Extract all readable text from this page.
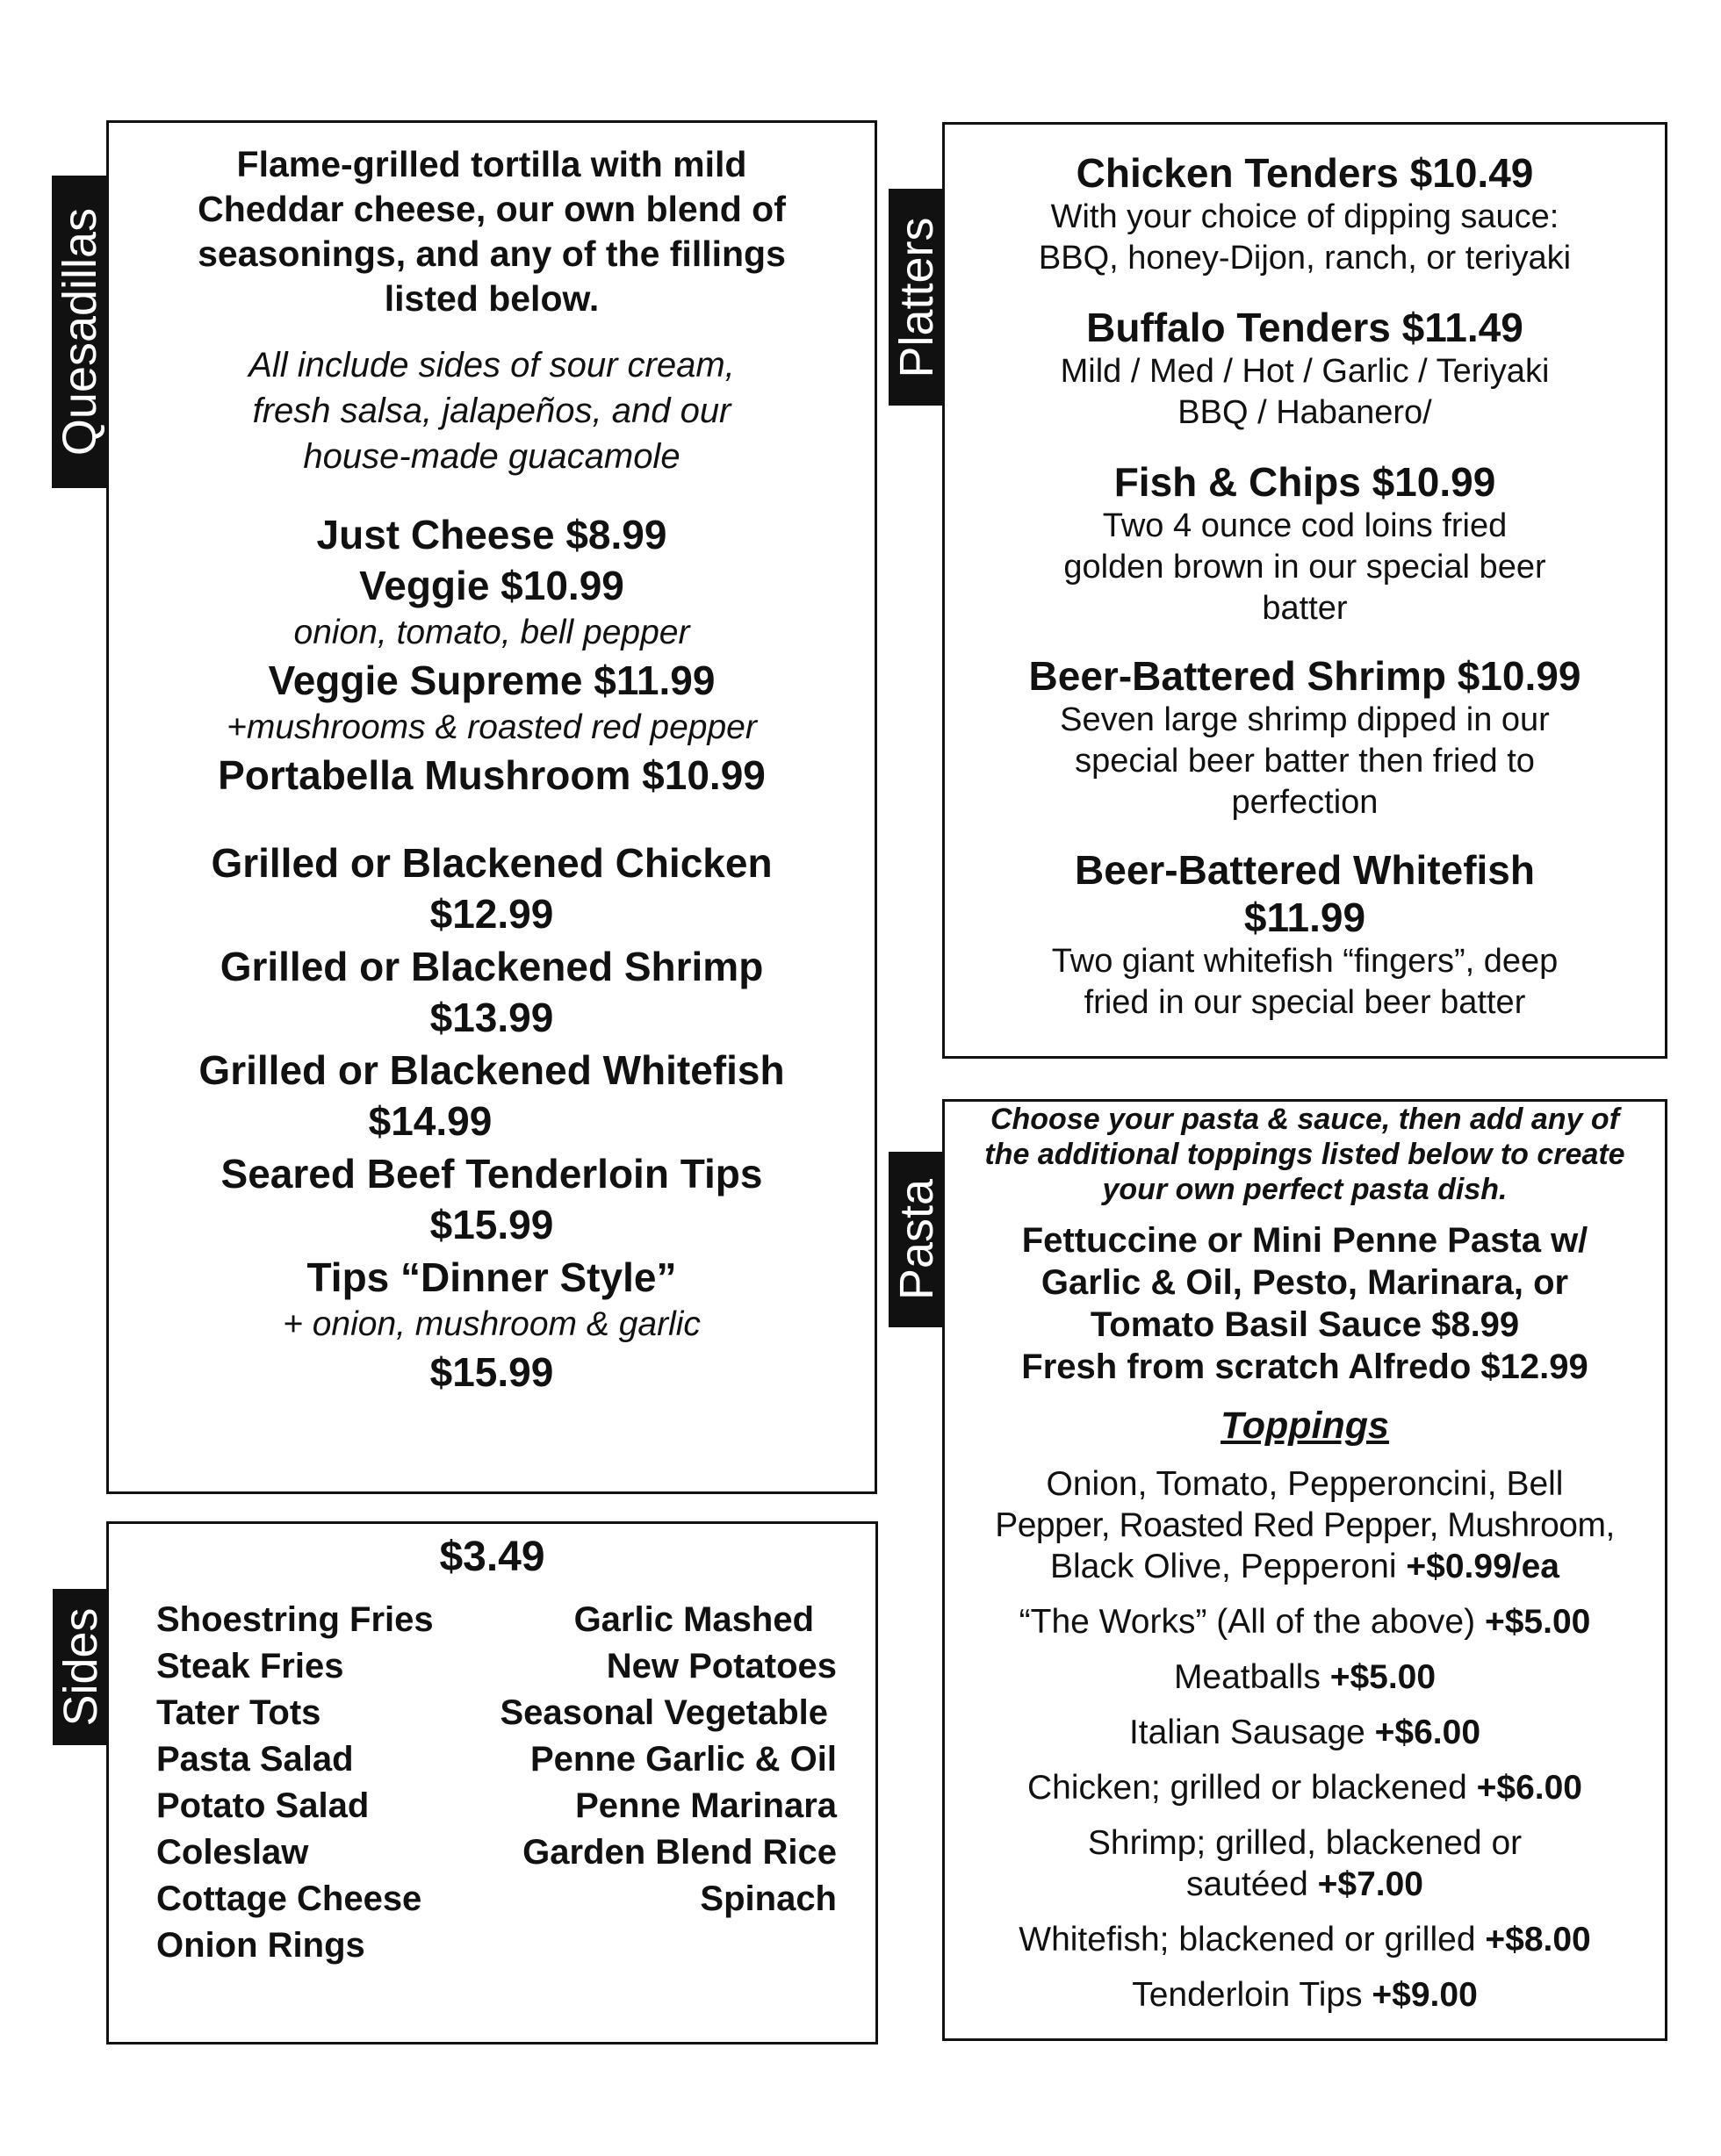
Quesadillas

Flame-grilled tortilla with mild

Cheddar cheese, our own blend of

seasonings, and any of the fillings

listed below.

All include sides of sour cream,

fresh salsa, jalapeños, and our

house-made guacamole

Just Cheese $8.99

Veggie $10.99

onion, tomato, bell pepper

Veggie Supreme $11.99

+mushrooms & roasted red pepper

Portabella Mushroom $10.99

Grilled or Blackened Chicken

$12.99

Grilled or Blackened Shrimp

$13.99

Grilled or Blackened Whitefish

$14.99

Seared Beef Tenderloin Tips

$15.99

Tips “Dinner Style”

+ onion, mushroom & garlic

$15.99

Platters

Chicken Tenders $10.49

With your choice of dipping sauce:

BBQ, honey-Dijon, ranch, or teriyaki

Buffalo Tenders $11.49

Mild / Med / Hot / Garlic / Teriyaki

BBQ / Habanero/

Fish & Chips $10.99

Two 4 ounce cod loins fried

golden brown in our special beer

batter

Beer-Battered Shrimp $10.99

Seven large shrimp dipped in our

special beer batter then fried to

perfection

Beer-Battered Whitefish

$11.99

Two giant whitefish “fingers”, deep

fried in our special beer batter

Pasta

Choose your pasta & sauce, then add any of

the additional toppings listed below to create

your own perfect pasta dish.

Fettuccine or Mini Penne Pasta w/

Garlic & Oil, Pesto, Marinara, or

Tomato Basil Sauce $8.99

Fresh from scratch Alfredo $12.99

Toppings

Onion, Tomato, Pepperoncini, Bell

Pepper, Roasted Red Pepper, Mushroom,

Black Olive, Pepperoni +$0.99/ea

“The Works” (All of the above) +$5.00

Meatballs +$5.00

Italian Sausage +$6.00

Chicken; grilled or blackened +$6.00

Shrimp; grilled, blackened or

sautéed +$7.00

Whitefish; blackened or grilled +$8.00

Tenderloin Tips +$9.00

Sides

$3.49

Shoestring Fries
Steak Fries
Tater Tots
Pasta Salad
Potato Salad
Coleslaw
Cottage Cheese
Onion Rings
Garlic Mashed
New Potatoes
Seasonal Vegetable
Penne Garlic & Oil
Penne Marinara
Garden Blend Rice
Spinach
